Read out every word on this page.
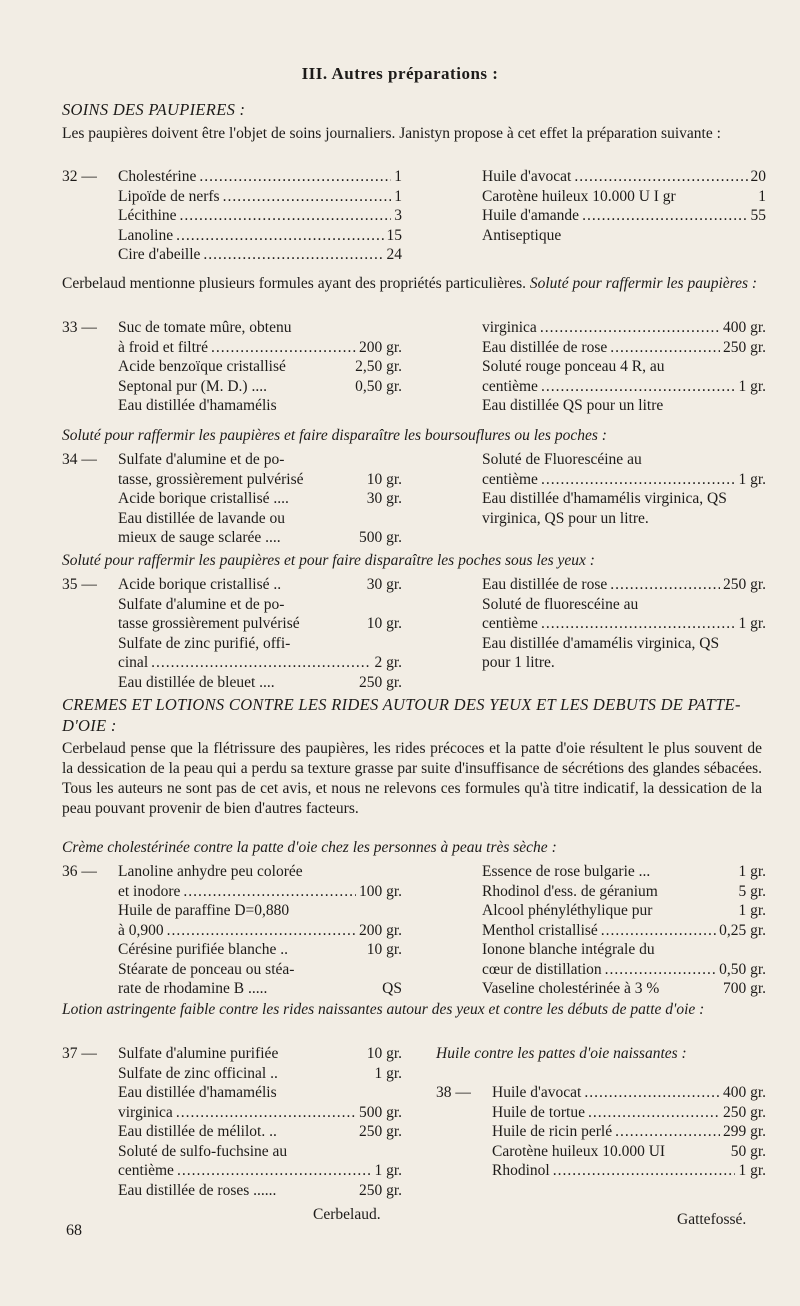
III. Autres préparations :
SOINS DES PAUPIERES :
Les paupières doivent être l'objet de soins journaliers. Janistyn propose à cet effet la préparation suivante :
32 —	Cholestérine .....	1
Lipoïde de nerfs .....	1
Lécithine .....	3
Lanoline .....	15
Cire d'abeille .....	24
Huile d'avocat .....	20
Carotène huileux 10.000 U I gr	1
Huile d'amande .....	55
Antiseptique
Cerbelaud mentionne plusieurs formules ayant des propriétés particulières. Soluté pour raffermir les paupières :
33 —	Suc de tomate mûre, obtenu
à froid et filtré .....	200 gr.
Acide benzoïque cristallisé	2,50 gr.
Septonal pur (M. D.) ....	0,50 gr.
Eau distillée d'hamamélis
virginica .....	400 gr.
Eau distillée de rose .....	250 gr.
Soluté rouge ponceau 4 R, au
centième .....	1 gr.
Eau distillée QS pour un litre
Soluté pour raffermir les paupières et faire disparaître les boursouflures ou les poches :
34 —	Sulfate d'alumine et de po-
tasse, grossièrement pulvérisé	10 gr.
Acide borique cristallisé ....	30 gr.
Eau distillée de lavande ou
mieux de sauge sclarée ....	500 gr.
Soluté de Fluorescéine au
centième .....	1 gr.
Eau distillée d'hamamélis virginica, QS
virginica, QS pour un litre.
Soluté pour raffermir les paupières et pour faire disparaître les poches sous les yeux :
35 —	Acide borique cristallisé ..	30 gr.
Sulfate d'alumine et de po-
tasse grossièrement pulvérisé	10 gr.
Sulfate de zinc purifié, offi-
cinal .....	2 gr.
Eau distillée de bleuet ....	250 gr.
Eau distillée de rose .....	250 gr.
Soluté de fluorescéine au
centième .....	1 gr.
Eau distillée d'amamélis virginica, QS
pour 1 litre.
CREMES ET LOTIONS CONTRE LES RIDES AUTOUR DES YEUX ET LES DEBUTS DE PATTE-D'OIE :
Cerbelaud pense que la flétrissure des paupières, les rides précoces et la patte d'oie résultent le plus souvent de la dessication de la peau qui a perdu sa texture grasse par suite d'insuffisance de sécrétions des glandes sébacées. Tous les auteurs ne sont pas de cet avis, et nous ne relevons ces formules qu'à titre indicatif, la dessication de la peau pouvant provenir de bien d'autres facteurs.
Crème cholestérinée contre la patte d'oie chez les personnes à peau très sèche :
36 —	Lanoline anhydre peu colorée
et inodore .....	100 gr.
Huile de paraffine D=0,880
à 0,900 .....	200 gr.
Cérésine purifiée blanche ..	10 gr.
Stéarate de ponceau ou stéa-
rate de rhodamine B .....	QS
Essence de rose bulgarie ...	1 gr.
Rhodinol d'ess. de géranium	5 gr.
Alcool phényléthylique pur	1 gr.
Menthol cristallisé .....	0,25 gr.
Ionone blanche intégrale du
cœur de distillation .....	0,50 gr.
Vaseline cholestérinée à 3 %	700 gr.
Lotion astringente faible contre les rides naissantes autour des yeux et contre les débuts de patte d'oie :
37 —	Sulfate d'alumine purifiée	10 gr.
Sulfate de zinc officinal ..	1 gr.
Eau distillée d'hamamélis
virginica .....	500 gr.
Eau distillée de mélilot. ..	250 gr.
Soluté de sulfo-fuchsine au
centième .....	1 gr.
Eau distillée de roses ......	250 gr.
Huile contre les pattes d'oie naissantes :
38 —	Huile d'avocat .....	400 gr.
Huile de tortue .....	250 gr.
Huile de ricin perlé .....	299 gr.
Carotène huileux 10.000 UI	50 gr.
Rhodinol .....	1 gr.
Cerbelaud.	Gattefossé.
68
